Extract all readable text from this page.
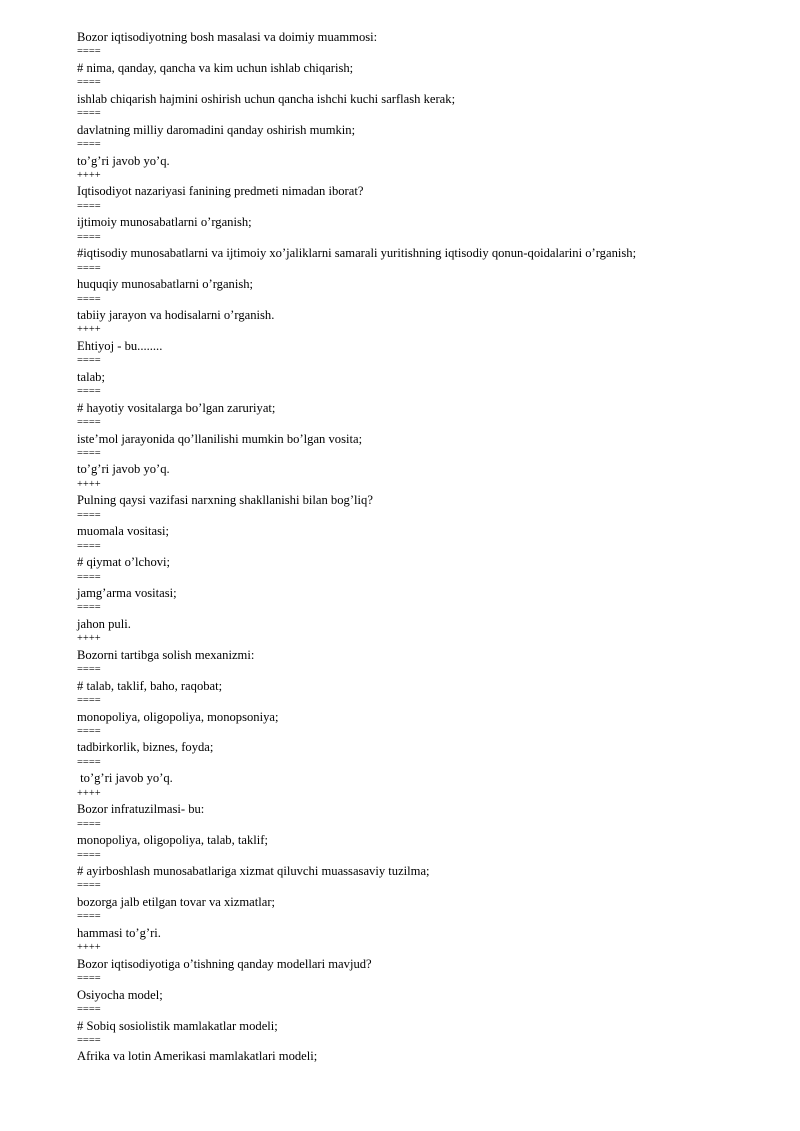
Bozor iqtisodiyotning bosh masalasi va doimiy muammosi:
====
# nima, qanday, qancha va kim uchun ishlab chiqarish;
====
ishlab chiqarish hajmini oshirish uchun qancha ishchi kuchi sarflash kerak;
====
davlatning milliy daromadini qanday oshirish mumkin;
====
to’g’ri javob yo’q.
++++
Iqtisodiyot nazariyasi fanining predmeti nimadan iborat?
====
ijtimoiy munosabatlarni o’rganish;
====
#iqtisodiy munosabatlarni va ijtimoiy xo’jaliklarni samarali yuritishning iqtisodiy qonun-qoidalarini o’rganish;
====
huquqiy munosabatlarni o’rganish;
====
tabiiy jarayon va hodisalarni o’rganish.
++++
Ehtiyoj - bu........
====
talab;
====
# hayotiy vositalarga bo’lgan zaruriyat;
====
iste’mol jarayonida qo’llanilishi mumkin bo’lgan vosita;
====
to’g’ri javob yo’q.
++++
Pulning qaysi vazifasi narxning shakllanishi bilan bog’liq?
====
muomala vositasi;
====
# qiymat o’lchovi;
====
jamg’arma vositasi;
====
jahon puli.
++++
Bozorni tartibga solish mexanizmi:
====
# talab, taklif, baho, raqobat;
====
monopoliya, oligopoliya, monopsoniya;
====
tadbirkorlik, biznes, foyda;
====
to’g’ri javob yo’q.
++++
Bozor infratuzilmasi- bu:
====
monopoliya, oligopoliya, talab, taklif;
====
# ayirboshlash munosabatlariga xizmat qiluvchi muassasaviy tuzilma;
====
bozorga jalb etilgan tovar va xizmatlar;
====
hammasi to’g’ri.
++++
Bozor iqtisodiyotiga o’tishning qanday modellari mavjud?
====
Osiyocha model;
====
# Sobiq sosiolistik mamlakatlar modeli;
====
Afrika va lotin Amerikasi mamlakatlari modeli;
